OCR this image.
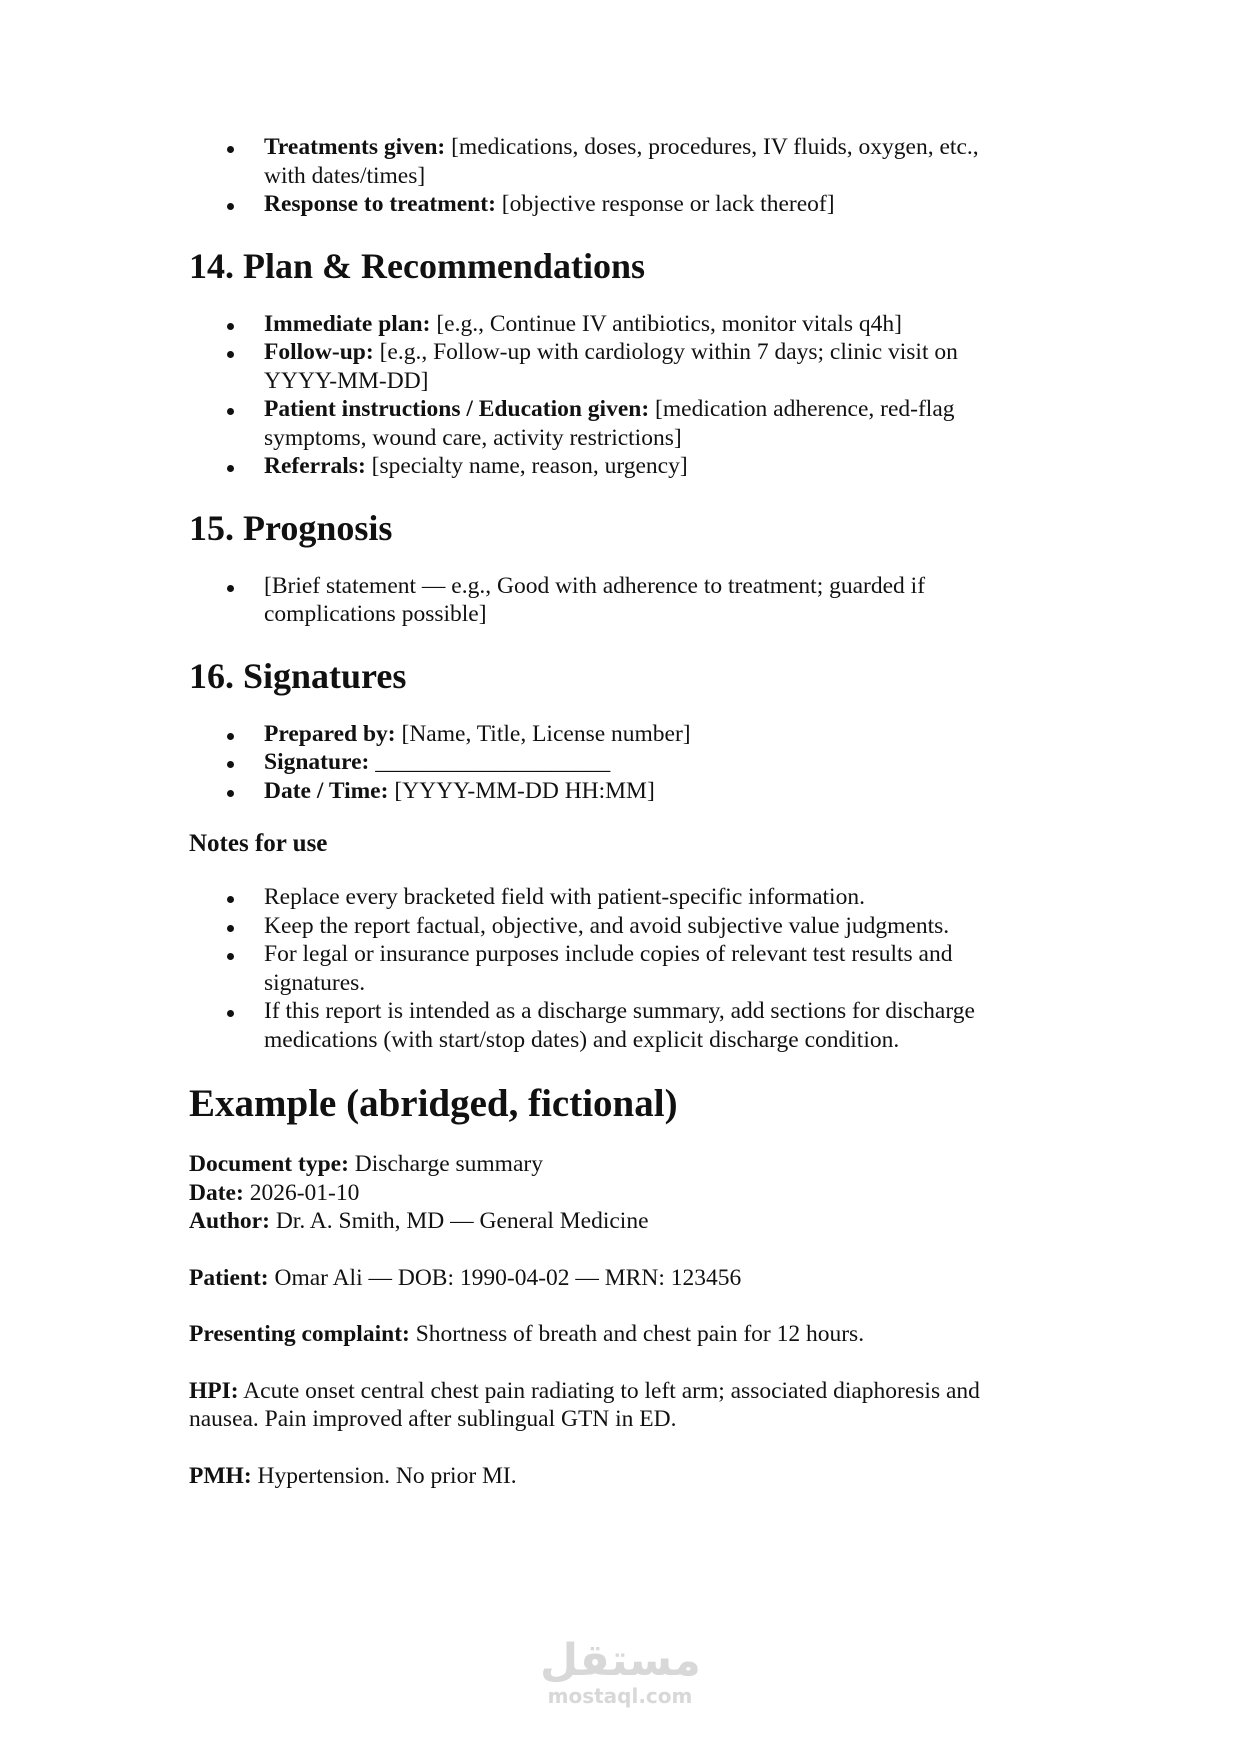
Treatments given: [medications, doses, procedures, IV fluids, oxygen, etc.,
with dates/times]
Response to treatment: [objective response or lack thereof]
14. Plan & Recommendations
Immediate plan: [e.g., Continue IV antibiotics, monitor vitals q4h]
Follow-up: [e.g., Follow-up with cardiology within 7 days; clinic visit on
YYYY-MM-DD]
Patient instructions / Education given: [medication adherence, red-flag
symptoms, wound care, activity restrictions]
Referrals: [specialty name, reason, urgency]
15. Prognosis
[Brief statement — e.g., Good with adherence to treatment; guarded if
complications possible]
16. Signatures
Prepared by: [Name, Title, License number]
Signature: ____________________
Date / Time: [YYYY-MM-DD HH:MM]
Notes for use
Replace every bracketed field with patient-specific information.
Keep the report factual, objective, and avoid subjective value judgments.
For legal or insurance purposes include copies of relevant test results and
signatures.
If this report is intended as a discharge summary, add sections for discharge
medications (with start/stop dates) and explicit discharge condition.
Example (abridged, fictional)

Document type: Discharge summary

Date: 2026-01-10

Author: Dr. A. Smith, MD — General Medicine

Patient: Omar Ali — DOB: 1990-04-02 — MRN: 123456

Presenting complaint: Shortness of breath and chest pain for 12 hours.

HPI: Acute onset central chest pain radiating to left arm; associated diaphoresis and
nausea. Pain improved after sublingual GTN in ED.

PMH: Hypertension. No prior MI.

مستقل
mostaql.com
